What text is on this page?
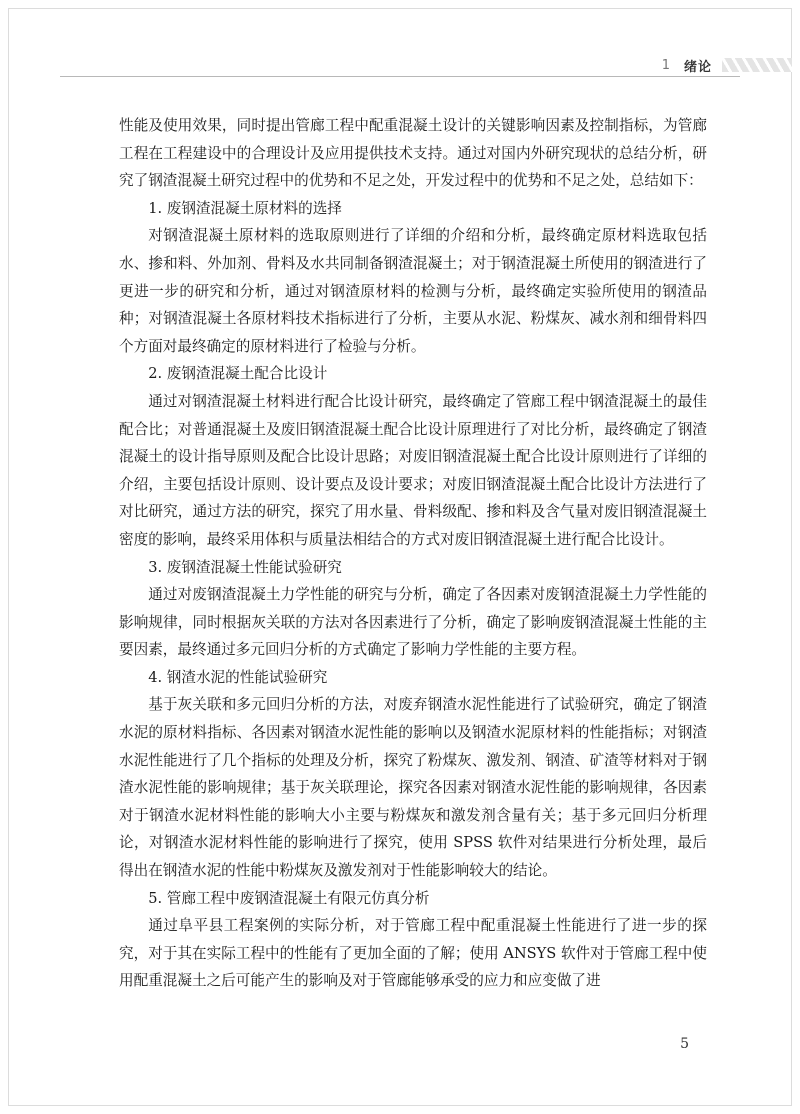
1 绪论

性能及使用效果，同时提出管廊工程中配重混凝土设计的关键影响因素及控制指标，为管廊工程在工程建设中的合理设计及应用提供技术支持。通过对国内外研究现状的总结分析，研究了钢渣混凝土研究过程中的优势和不足之处，开发过程中的优势和不足之处，总结如下：

1. 废钢渣混凝土原材料的选择

对钢渣混凝土原材料的选取原则进行了详细的介绍和分析，最终确定原材料选取包括水、掺和料、外加剂、骨料及水共同制备钢渣混凝土；对于钢渣混凝土所使用的钢渣进行了更进一步的研究和分析，通过对钢渣原材料的检测与分析，最终确定实验所使用的钢渣品种；对钢渣混凝土各原材料技术指标进行了分析，主要从水泥、粉煤灰、减水剂和细骨料四个方面对最终确定的原材料进行了检验与分析。

2. 废钢渣混凝土配合比设计

通过对钢渣混凝土材料进行配合比设计研究，最终确定了管廊工程中钢渣混凝土的最佳配合比；对普通混凝土及废旧钢渣混凝土配合比设计原理进行了对比分析，最终确定了钢渣混凝土的设计指导原则及配合比设计思路；对废旧钢渣混凝土配合比设计原则进行了详细的介绍，主要包括设计原则、设计要点及设计要求；对废旧钢渣混凝土配合比设计方法进行了对比研究，通过方法的研究，探究了用水量、骨料级配、掺和料及含气量对废旧钢渣混凝土密度的影响，最终采用体积与质量法相结合的方式对废旧钢渣混凝土进行配合比设计。

3. 废钢渣混凝土性能试验研究

通过对废钢渣混凝土力学性能的研究与分析，确定了各因素对废钢渣混凝土力学性能的影响规律，同时根据灰关联的方法对各因素进行了分析，确定了影响废钢渣混凝土性能的主要因素，最终通过多元回归分析的方式确定了影响力学性能的主要方程。

4. 钢渣水泥的性能试验研究

基于灰关联和多元回归分析的方法，对废弃钢渣水泥性能进行了试验研究，确定了钢渣水泥的原材料指标、各因素对钢渣水泥性能的影响以及钢渣水泥原材料的性能指标；对钢渣水泥性能进行了几个指标的处理及分析，探究了粉煤灰、激发剂、钢渣、矿渣等材料对于钢渣水泥性能的影响规律；基于灰关联理论，探究各因素对钢渣水泥性能的影响规律，各因素对于钢渣水泥材料性能的影响大小主要与粉煤灰和激发剂含量有关；基于多元回归分析理论，对钢渣水泥材料性能的影响进行了探究，使用 SPSS 软件对结果进行分析处理，最后得出在钢渣水泥的性能中粉煤灰及激发剂对于性能影响较大的结论。

5. 管廊工程中废钢渣混凝土有限元仿真分析

通过阜平县工程案例的实际分析，对于管廊工程中配重混凝土性能进行了进一步的探究，对于其在实际工程中的性能有了更加全面的了解；使用 ANSYS 软件对于管廊工程中使用配重混凝土之后可能产生的影响及对于管廊能够承受的应力和应变做了进

5
